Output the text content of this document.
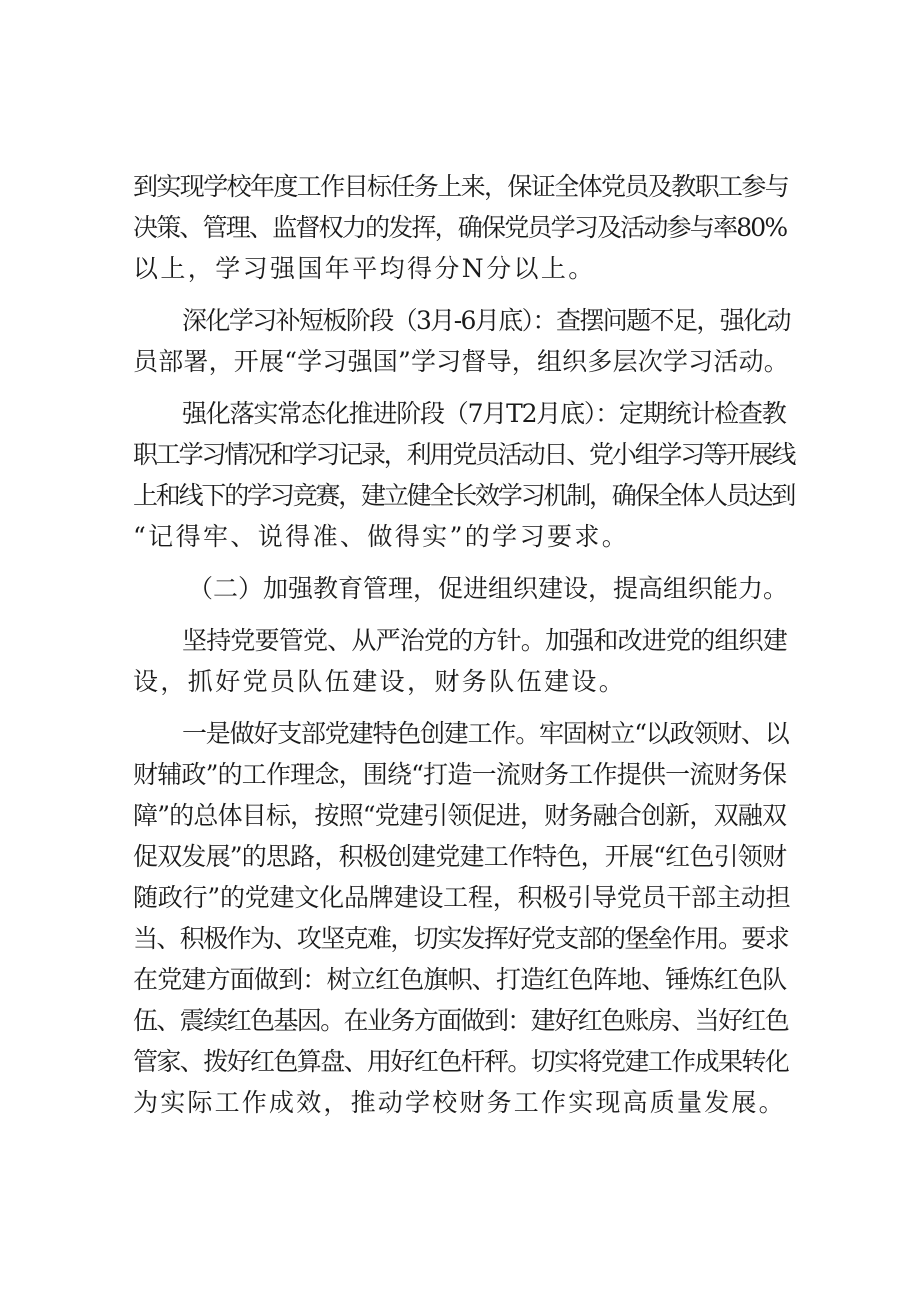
到实现学校年度工作目标任务上来，保证全体党员及教职工参与
决策、管理、监督权力的发挥，确保党员学习及活动参与率80%
以上，学习强国年平均得分N分以上。
深化学习补短板阶段（3月-6月底）：查摆问题不足，强化动
员部署，开展“学习强国”学习督导，组织多层次学习活动。
强化落实常态化推进阶段（7月T2月底）：定期统计检查教
职工学习情况和学习记录，利用党员活动日、党小组学习等开展线
上和线下的学习竞赛，建立健全长效学习机制，确保全体人员达到
“记得牢、说得准、做得实”的学习要求。
（二）加强教育管理，促进组织建设，提高组织能力。
坚持党要管党、从严治党的方针。加强和改进党的组织建
设，抓好党员队伍建设，财务队伍建设。
一是做好支部党建特色创建工作。牢固树立“以政领财、以
财辅政”的工作理念，围绕“打造一流财务工作提供一流财务保
障”的总体目标，按照“党建引领促进，财务融合创新，双融双
促双发展”的思路，积极创建党建工作特色，开展“红色引领财
随政行”的党建文化品牌建设工程，积极引导党员干部主动担
当、积极作为、攻坚克难，切实发挥好党支部的堡垒作用。要求
在党建方面做到：树立红色旗帜、打造红色阵地、锤炼红色队
伍、震续红色基因。在业务方面做到：建好红色账房、当好红色
管家、拨好红色算盘、用好红色杆秤。切实将党建工作成果转化
为实际工作成效，推动学校财务工作实现高质量发展。
